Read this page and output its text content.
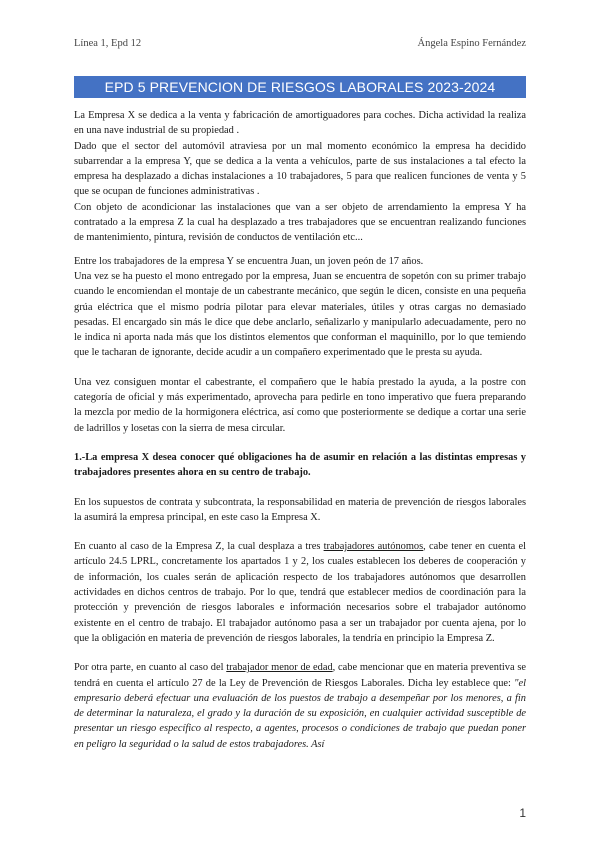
Línea 1, Epd 12	Ángela Espino Fernández
EPD 5 PREVENCION DE RIESGOS LABORALES 2023-2024

La Empresa X se dedica a la venta y fabricación de amortiguadores para coches. Dicha actividad la realiza en una nave industrial de su propiedad .

Dado que el sector del automóvil atraviesa por un mal momento económico la empresa ha decidido subarrendar a la empresa Y, que se dedica a la venta a vehículos, parte de sus instalaciones a tal efecto la empresa ha desplazado a dichas instalaciones a 10 trabajadores, 5 para que realicen funciones de venta y 5 que se ocupan de funciones administrativas .

Con objeto de acondicionar las instalaciones que van a ser objeto de arrendamiento la empresa Y ha contratado a la empresa Z la cual ha desplazado a tres trabajadores que se encuentran realizando funciones de mantenimiento, pintura, revisión de conductos de ventilación etc...

Entre los trabajadores de la empresa Y se encuentra Juan, un joven peón de 17 años.

Una vez se ha puesto el mono entregado por la empresa, Juan se encuentra de sopetón con su primer trabajo cuando le encomiendan el montaje de un cabestrante mecánico, que según le dicen, consiste en una pequeña grúa eléctrica que el mismo podría pilotar para elevar materiales, útiles y otras cargas no demasiado pesadas. El encargado sin más le dice que debe anclarlo, señalizarlo y manipularlo adecuadamente, pero no le indica ni aporta nada más que los distintos elementos que conforman el maquinillo, por lo que temiendo que le tacharan de ignorante, decide acudir a un compañero experimentado que le presta su ayuda.

Una vez consiguen montar el cabestrante, el compañero que le había prestado la ayuda, a la postre con categoría de oficial y más experimentado, aprovecha para pedirle en tono imperativo que fuera preparando la mezcla por medio de la hormigonera eléctrica, así como que posteriormente se dedique a cortar una serie de ladrillos y losetas con la sierra de mesa circular.

1.-La empresa X desea conocer qué obligaciones ha de asumir en relación a las distintas empresas y trabajadores presentes ahora en su centro de trabajo.

En los supuestos de contrata y subcontrata, la responsabilidad en materia de prevención de riesgos laborales la asumirá la empresa principal, en este caso la Empresa X.

En cuanto al caso de la Empresa Z, la cual desplaza a tres trabajadores autónomos, cabe tener en cuenta el artículo 24.5 LPRL, concretamente los apartados 1 y 2, los cuales establecen los deberes de cooperación y de información, los cuales serán de aplicación respecto de los trabajadores autónomos que desarrollen actividades en dichos centros de trabajo. Por lo que, tendrá que establecer medios de coordinación para la protección y prevención de riesgos laborales e información necesarios sobre el trabajador autónomo existente en el centro de trabajo. El trabajador autónomo pasa a ser un trabajador por cuenta ajena, por lo que la obligación en materia de prevención de riesgos laborales, la tendría en principio la Empresa Z.

Por otra parte, en cuanto al caso del trabajador menor de edad, cabe mencionar que en materia preventiva se tendrá en cuenta el artículo 27 de la Ley de Prevención de Riesgos Laborales. Dicha ley establece que: "el empresario deberá efectuar una evaluación de los puestos de trabajo a desempeñar por los menores, a fin de determinar la naturaleza, el grado y la duración de su exposición, en cualquier actividad susceptible de presentar un riesgo específico al respecto, a agentes, procesos o condiciones de trabajo que puedan poner en peligro la seguridad o la salud de estos trabajadores. Así

1
